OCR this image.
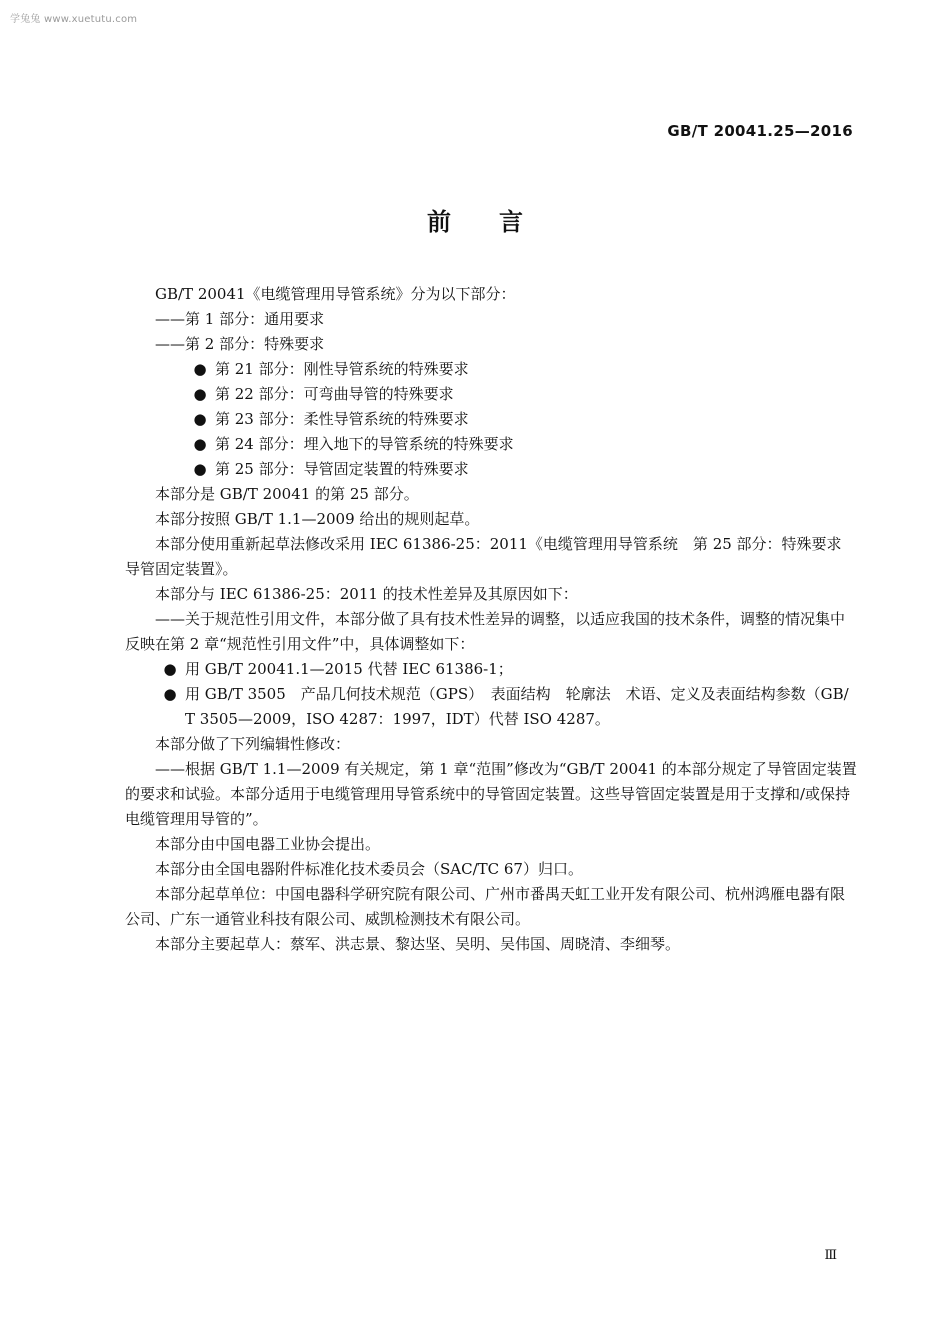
学兔兔 www.xuetutu.com
GB/T 20041.25—2016
前言

GB/T 20041《电缆管理用导管系统》分为以下部分：

——第 1 部分：通用要求

——第 2 部分：特殊要求

● 第 21 部分：刚性导管系统的特殊要求
● 第 22 部分：可弯曲导管的特殊要求
● 第 23 部分：柔性导管系统的特殊要求
● 第 24 部分：埋入地下的导管系统的特殊要求
● 第 25 部分：导管固定装置的特殊要求

本部分是 GB/T 20041 的第 25 部分。

本部分按照 GB/T 1.1—2009 给出的规则起草。

本部分使用重新起草法修改采用 IEC 61386-25：2011《电缆管理用导管系统　第 25 部分：特殊要求 导管固定装置》。

本部分与 IEC 61386-25：2011 的技术性差异及其原因如下：

——关于规范性引用文件，本部分做了具有技术性差异的调整，以适应我国的技术条件，调整的情况集中反映在第 2 章“规范性引用文件”中，具体调整如下：

● 用 GB/T 20041.1—2015 代替 IEC 61386-1；
● 用 GB/T 3505　产品几何技术规范（GPS）　表面结构　轮廓法　术语、定义及表面结构参数（GB/T 3505—2009，ISO 4287：1997，IDT）代替 ISO 4287。

本部分做了下列编辑性修改：

——根据 GB/T 1.1—2009 有关规定，第 1 章“范围”修改为“GB/T 20041 的本部分规定了导管固定装置的要求和试验。本部分适用于电缆管理用导管系统中的导管固定装置。这些导管固定装置是用于支撑和/或保持电缆管理用导管的”。

本部分由中国电器工业协会提出。

本部分由全国电器附件标准化技术委员会（SAC/TC 67）归口。

本部分起草单位：中国电器科学研究院有限公司、广州市番禺天虹工业开发有限公司、杭州鸿雁电器有限公司、广东一通管业科技有限公司、威凯检测技术有限公司。

本部分主要起草人：蔡军、洪志景、黎达坚、吴明、吴伟国、周晓清、李细琴。

Ⅲ
